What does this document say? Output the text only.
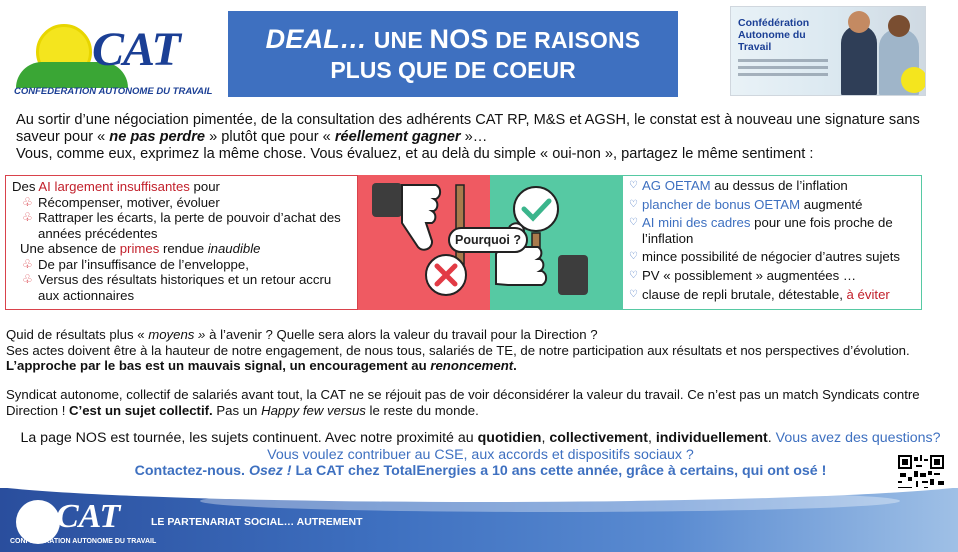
CAT
CONFEDERATION AUTONOME DU TRAVAIL
DEAL… UNE NOS DE RAISONS
PLUS QUE DE COEUR
Confédération Autonome du Travail
Au sortir d’une négociation pimentée, de la consultation des adhérents CAT RP, M&S et AGSH, le constat est à nouveau une signature sans saveur pour « ne pas perdre » plutôt que pour « réellement gagner »…
Vous, comme eux, exprimez la même chose. Vous évaluez, et au delà du simple « oui-non », partagez le même sentiment :
Des AI largement insuffisantes pour
♧ Récompenser, motiver, évoluer
♧ Rattraper les écarts, la perte de pouvoir d’achat des années précédentes
Une absence de primes rendue inaudible
♧ De par l’insuffisance de l’enveloppe,
♧ Versus des résultats historiques et un retour accru aux actionnaires
Pourquoi ?
♡ AG OETAM au dessus de l’inflation
♡ plancher de bonus OETAM augmenté
♡ AI mini des cadres pour une fois proche de l’inflation
♡ mince possibilité de négocier d’autres sujets
♡ PV « possiblement » augmentées …
♡ clause de repli brutale, détestable, à éviter
Quid de résultats plus « moyens » à l’avenir ? Quelle sera alors la valeur du travail pour la Direction ?
Ses actes doivent être à la hauteur de notre engagement, de nous tous, salariés de TE, de notre participation aux résultats et nos perspectives d’évolution. L’approche par le bas est un mauvais signal, un encouragement au renoncement.
Syndicat autonome, collectif de salariés avant tout, la CAT ne se réjouit pas de voir déconsidérer la valeur du travail. Ce n’est pas un match Syndicats contre Direction ! C’est un sujet collectif. Pas un Happy few versus le reste du monde.
La page NOS est tournée, les sujets continuent. Avec notre proximité au quotidien, collectivement, individuellement. Vous avez des questions? Vous voulez contribuer au CSE, aux accords et dispositifs sociaux ?
Contactez-nous. Osez ! La CAT chez TotalEnergies a 10 ans cette année, grâce à certains, qui ont osé !
CAT
CONFEDERATION AUTONOME DU TRAVAIL
LE PARTENARIAT SOCIAL… AUTREMENT
